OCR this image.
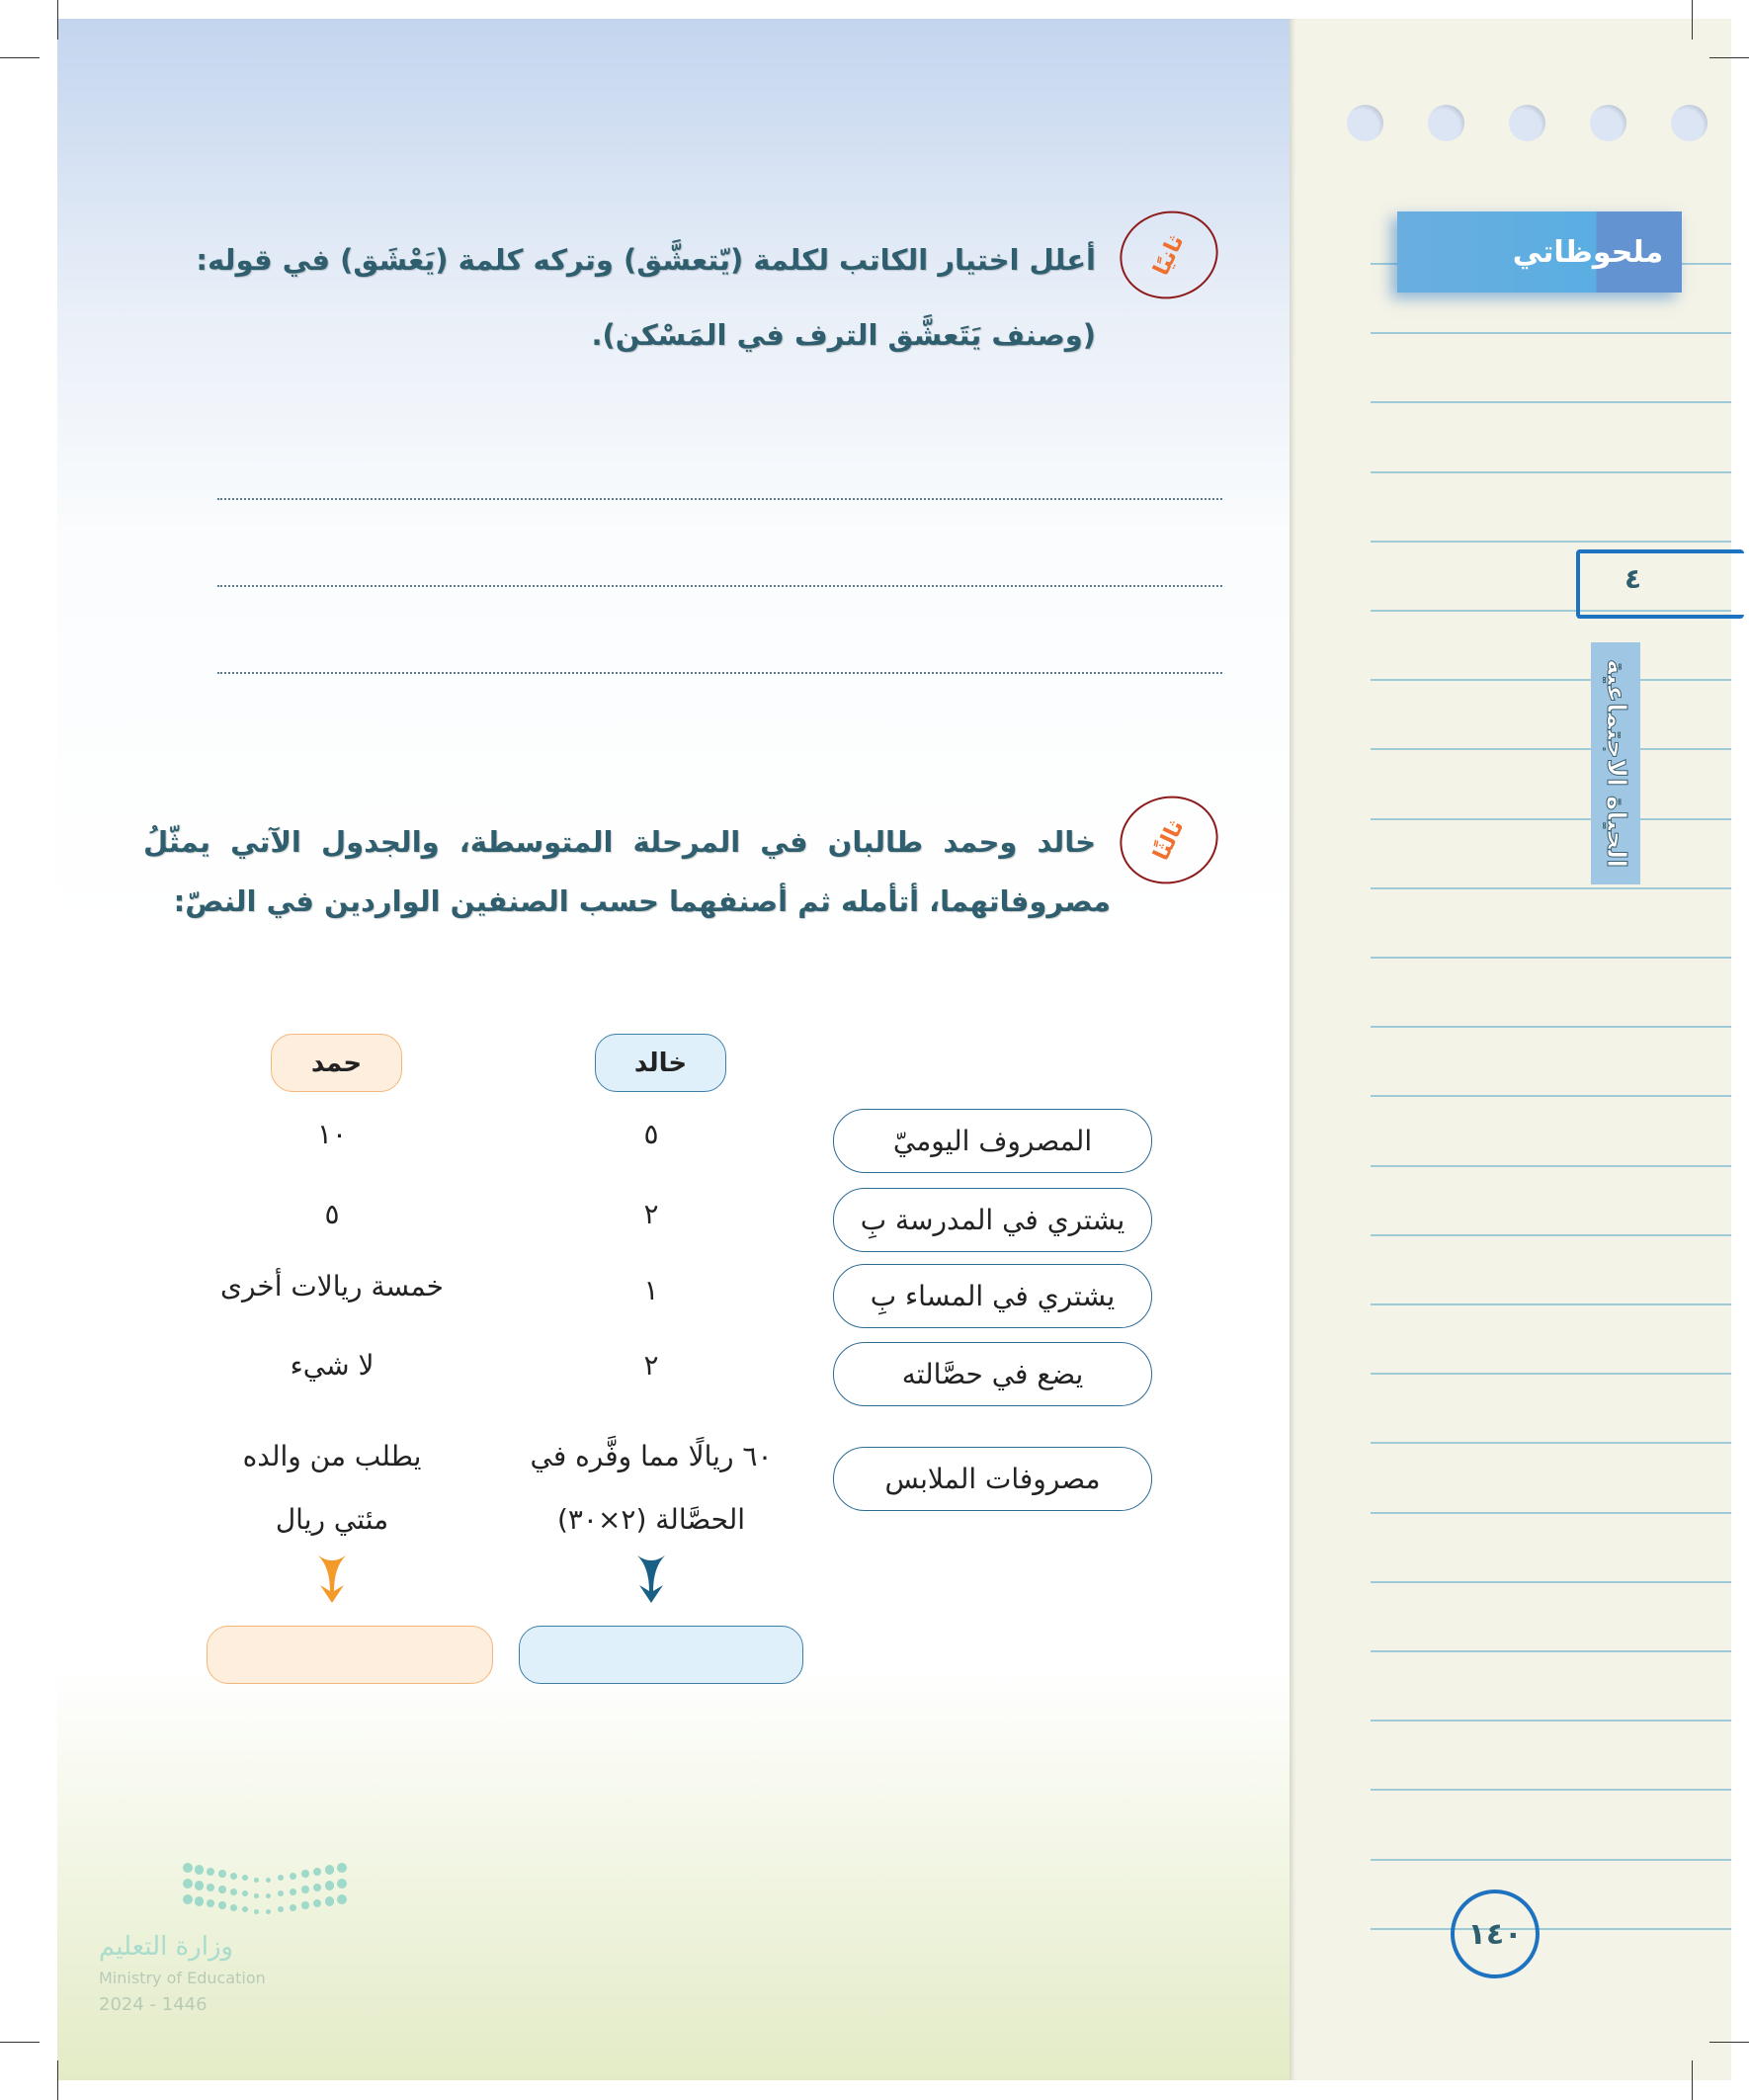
ملحوظاتي
٤
الحياة الاجتماعية
١٤٠
ثانيًا
أعلل اختيار الكاتب لكلمة (يّتعشَّق) وتركه كلمة (يَعْشَق) في قوله:
(وصنف يَتَعشَّق الترف في المَسْكن).
ثالثًا
خالد وحمد طالبان في المرحلة المتوسطة، والجدول الآتي يمثّلُ
مصروفاتهما، أتأمله ثم أصنفهما حسب الصنفين الواردين في النصّ:
حمد	خالد
المصروف اليوميّ
يشتري في المدرسة بِ
يشتري في المساء بِ
يضع في حصَّالته
مصروفات الملابس
٥
٢
١
٢
٦٠ ريالًا مما وفَّره في
الحصَّالة (٢×٣٠)
١٠
٥
خمسة ريالات أخرى
لا شيء
يطلب من والده
مئتي ريال
وزارة التعليم
Ministry of Education
2024 - 1446
